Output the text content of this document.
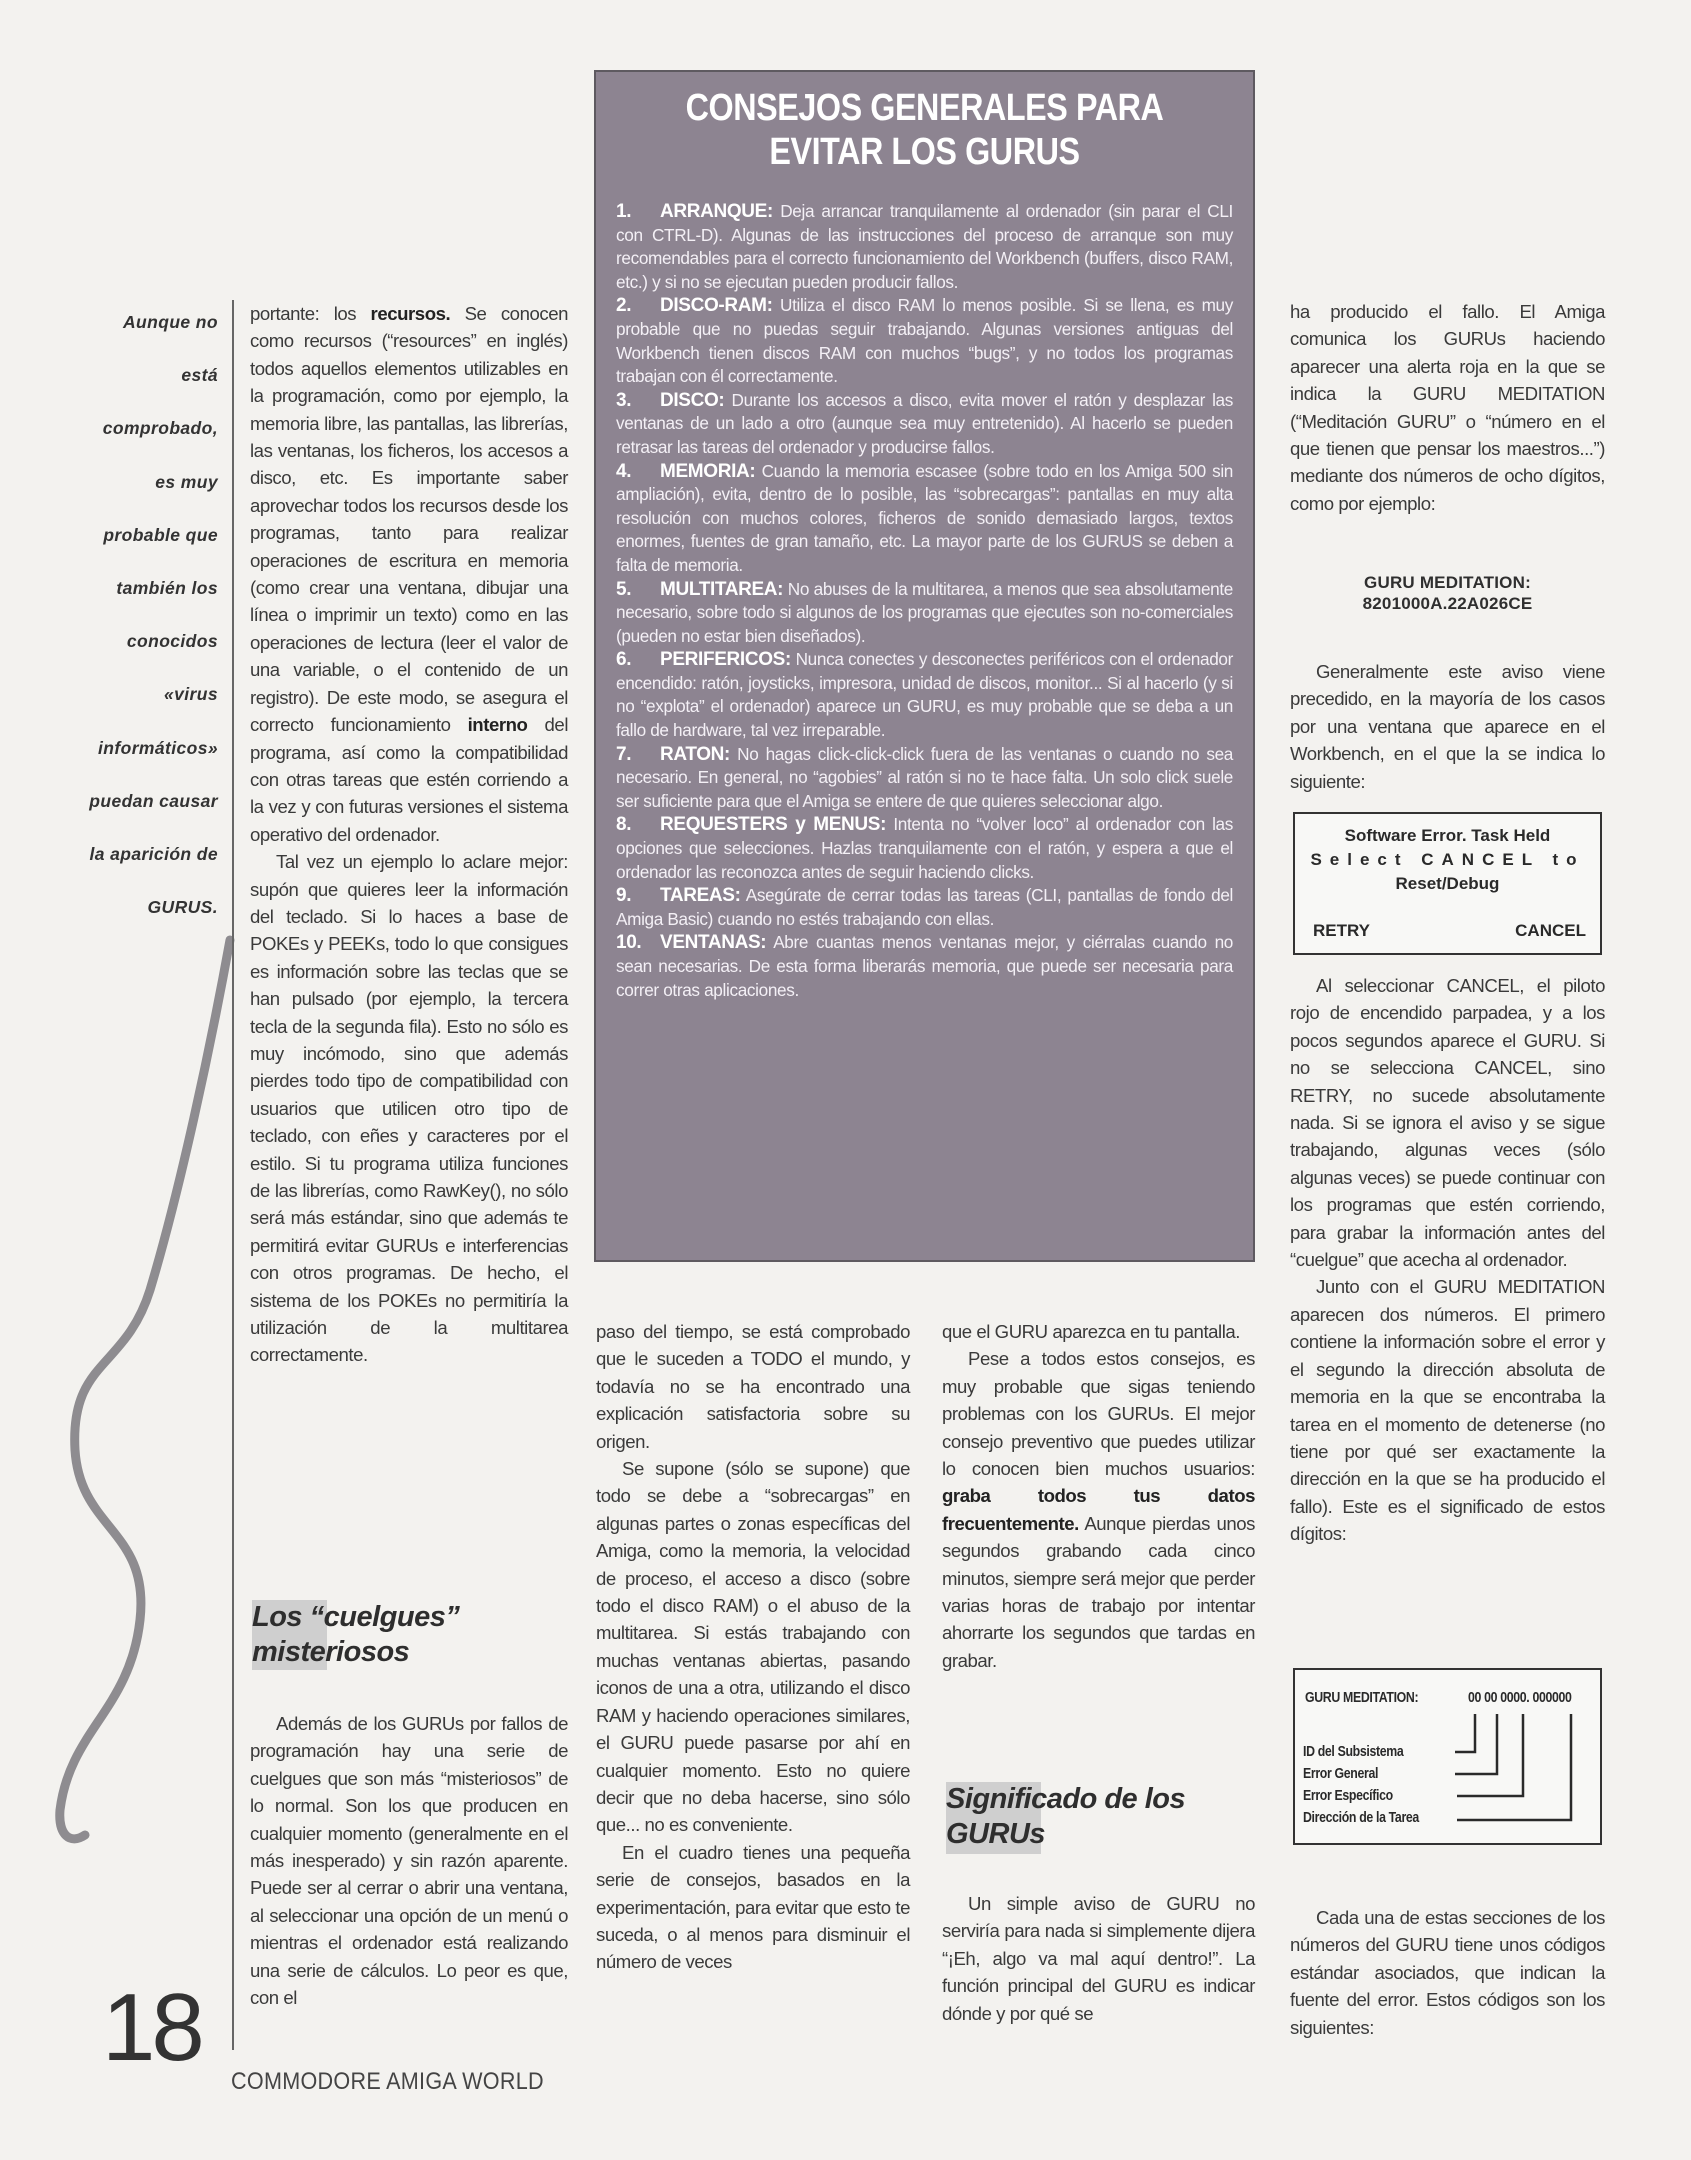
Aunque no
está
comprobado,
es muy
probable que
también los
conocidos
«virus
informáticos»
puedan causar
la aparición de
GURUS.

portante: los recursos. Se conocen como recursos (“resources” en inglés) todos aquellos elementos utilizables en la programación, como por ejemplo, la memoria libre, las pantallas, las librerías, las ventanas, los ficheros, los accesos a disco, etc. Es importante saber aprovechar todos los recursos desde los programas, tanto para realizar operaciones de escritura en memoria (como crear una ventana, dibujar una línea o imprimir un texto) como en las operaciones de lectura (leer el valor de una variable, o el contenido de un registro). De este modo, se asegura el correcto funcionamiento interno del programa, así como la compatibilidad con otras tareas que estén corriendo a la vez y con futuras versiones el sistema operativo del ordenador.

Tal vez un ejemplo lo aclare mejor: supón que quieres leer la información del teclado. Si lo haces a base de POKEs y PEEKs, todo lo que consigues es información sobre las teclas que se han pulsado (por ejemplo, la tercera tecla de la segunda fila). Esto no sólo es muy incómodo, sino que además pierdes todo tipo de compatibilidad con usuarios que utilicen otro tipo de teclado, con eñes y caracteres por el estilo. Si tu programa utiliza funciones de las librerías, como RawKey(), no sólo será más estándar, sino que además te permitirá evitar GURUs e interferencias con otros programas. De hecho, el sistema de los POKEs no permitiría la utilización de la multitarea correctamente.

Los “cuelgues” misteriosos

Además de los GURUs por fallos de programación hay una serie de cuelgues que son más “misteriosos” de lo normal. Son los que producen en cualquier momento (generalmente en el más inesperado) y sin razón aparente. Puede ser al cerrar o abrir una ventana, al seleccionar una opción de un menú o mientras el ordenador está realizando una serie de cálculos. Lo peor es que, con el

18
COMMODORE AMIGA WORLD
CONSEJOS GENERALES PARA EVITAR LOS GURUS

1. ARRANQUE: Deja arrancar tranquilamente al ordenador (sin parar el CLI con CTRL-D). Algunas de las instrucciones del proceso de arranque son muy recomendables para el correcto funcionamiento del Workbench (buffers, disco RAM, etc.) y si no se ejecutan pueden producir fallos.

2. DISCO-RAM: Utiliza el disco RAM lo menos posible. Si se llena, es muy probable que no puedas seguir trabajando. Algunas versiones antiguas del Workbench tienen discos RAM con muchos “bugs”, y no todos los programas trabajan con él correctamente.

3. DISCO: Durante los accesos a disco, evita mover el ratón y desplazar las ventanas de un lado a otro (aunque sea muy entretenido). Al hacerlo se pueden retrasar las tareas del ordenador y producirse fallos.

4. MEMORIA: Cuando la memoria escasee (sobre todo en los Amiga 500 sin ampliación), evita, dentro de lo posible, las “sobrecargas”: pantallas en muy alta resolución con muchos colores, ficheros de sonido demasiado largos, textos enormes, fuentes de gran tamaño, etc. La mayor parte de los GURUS se deben a falta de memoria.

5. MULTITAREA: No abuses de la multitarea, a menos que sea absolutamente necesario, sobre todo si algunos de los programas que ejecutes son no-comerciales (pueden no estar bien diseñados).

6. PERIFERICOS: Nunca conectes y desconectes periféricos con el ordenador encendido: ratón, joysticks, impresora, unidad de discos, monitor... Si al hacerlo (y si no “explota” el ordenador) aparece un GURU, es muy probable que se deba a un fallo de hardware, tal vez irreparable.

7. RATON: No hagas click-click-click fuera de las ventanas o cuando no sea necesario. En general, no “agobies” al ratón si no te hace falta. Un solo click suele ser suficiente para que el Amiga se entere de que quieres seleccionar algo.

8. REQUESTERS y MENUS: Intenta no “volver loco” al ordenador con las opciones que selecciones. Hazlas tranquilamente con el ratón, y espera a que el ordenador las reconozca antes de seguir haciendo clicks.

9. TAREAS: Asegúrate de cerrar todas las tareas (CLI, pantallas de fondo del Amiga Basic) cuando no estés trabajando con ellas.

10. VENTANAS: Abre cuantas menos ventanas mejor, y ciérralas cuando no sean necesarias. De esta forma liberarás memoria, que puede ser necesaria para correr otras aplicaciones.

paso del tiempo, se está comprobado que le suceden a TODO el mundo, y todavía no se ha encontrado una explicación satisfactoria sobre su origen.

Se supone (sólo se supone) que todo se debe a “sobrecargas” en algunas partes o zonas específicas del Amiga, como la memoria, la velocidad de proceso, el acceso a disco (sobre todo el disco RAM) o el abuso de la multitarea. Si estás trabajando con muchas ventanas abiertas, pasando iconos de una a otra, utilizando el disco RAM y haciendo operaciones similares, el GURU puede pasarse por ahí en cualquier momento. Esto no quiere decir que no deba hacerse, sino sólo que... no es conveniente.

En el cuadro tienes una pequeña serie de consejos, basados en la experimentación, para evitar que esto te suceda, o al menos para disminuir el número de veces

que el GURU aparezca en tu pantalla.

Pese a todos estos consejos, es muy probable que sigas teniendo problemas con los GURUs. El mejor consejo preventivo que puedes utilizar lo conocen bien muchos usuarios: graba todos tus datos frecuentemente. Aunque pierdas unos segundos grabando cada cinco minutos, siempre será mejor que perder varias horas de trabajo por intentar ahorrarte los segundos que tardas en grabar.

Significado de los GURUs

Un simple aviso de GURU no serviría para nada si simplemente dijera “¡Eh, algo va mal aquí dentro!”. La función principal del GURU es indicar dónde y por qué se

ha producido el fallo. El Amiga comunica los GURUs haciendo aparecer una alerta roja en la que se indica la GURU MEDITATION (“Meditación GURU” o “número en el que tienen que pensar los maestros...”) mediante dos números de ocho dígitos, como por ejemplo:

GURU MEDITATION:
8201000A.22A026CE

Generalmente este aviso viene precedido, en la mayoría de los casos por una ventana que aparece en el Workbench, en el que la se indica lo siguiente:

Software Error. Task Held
Select CANCEL to
Reset/Debug
RETRY	CANCEL

Al seleccionar CANCEL, el piloto rojo de encendido parpadea, y a los pocos segundos aparece el GURU. Si no se selecciona CANCEL, sino RETRY, no sucede absolutamente nada. Si se ignora el aviso y se sigue trabajando, algunas veces (sólo algunas veces) se puede continuar con los programas que estén corriendo, para grabar la información antes del “cuelgue” que acecha al ordenador.

Junto con el GURU MEDITATION aparecen dos números. El primero contiene la información sobre el error y el segundo la dirección absoluta de memoria en la que se encontraba la tarea en el momento de detenerse (no tiene por qué ser exactamente la dirección en la que se ha producido el fallo). Este es el significado de estos dígitos:

GURU MEDITATION:	00 00 0000. 000000
ID del Subsistema
Error General
Error Específico
Dirección de la Tarea

Cada una de estas secciones de los números del GURU tiene unos códigos estándar asociados, que indican la fuente del error. Estos códigos son los siguientes:
